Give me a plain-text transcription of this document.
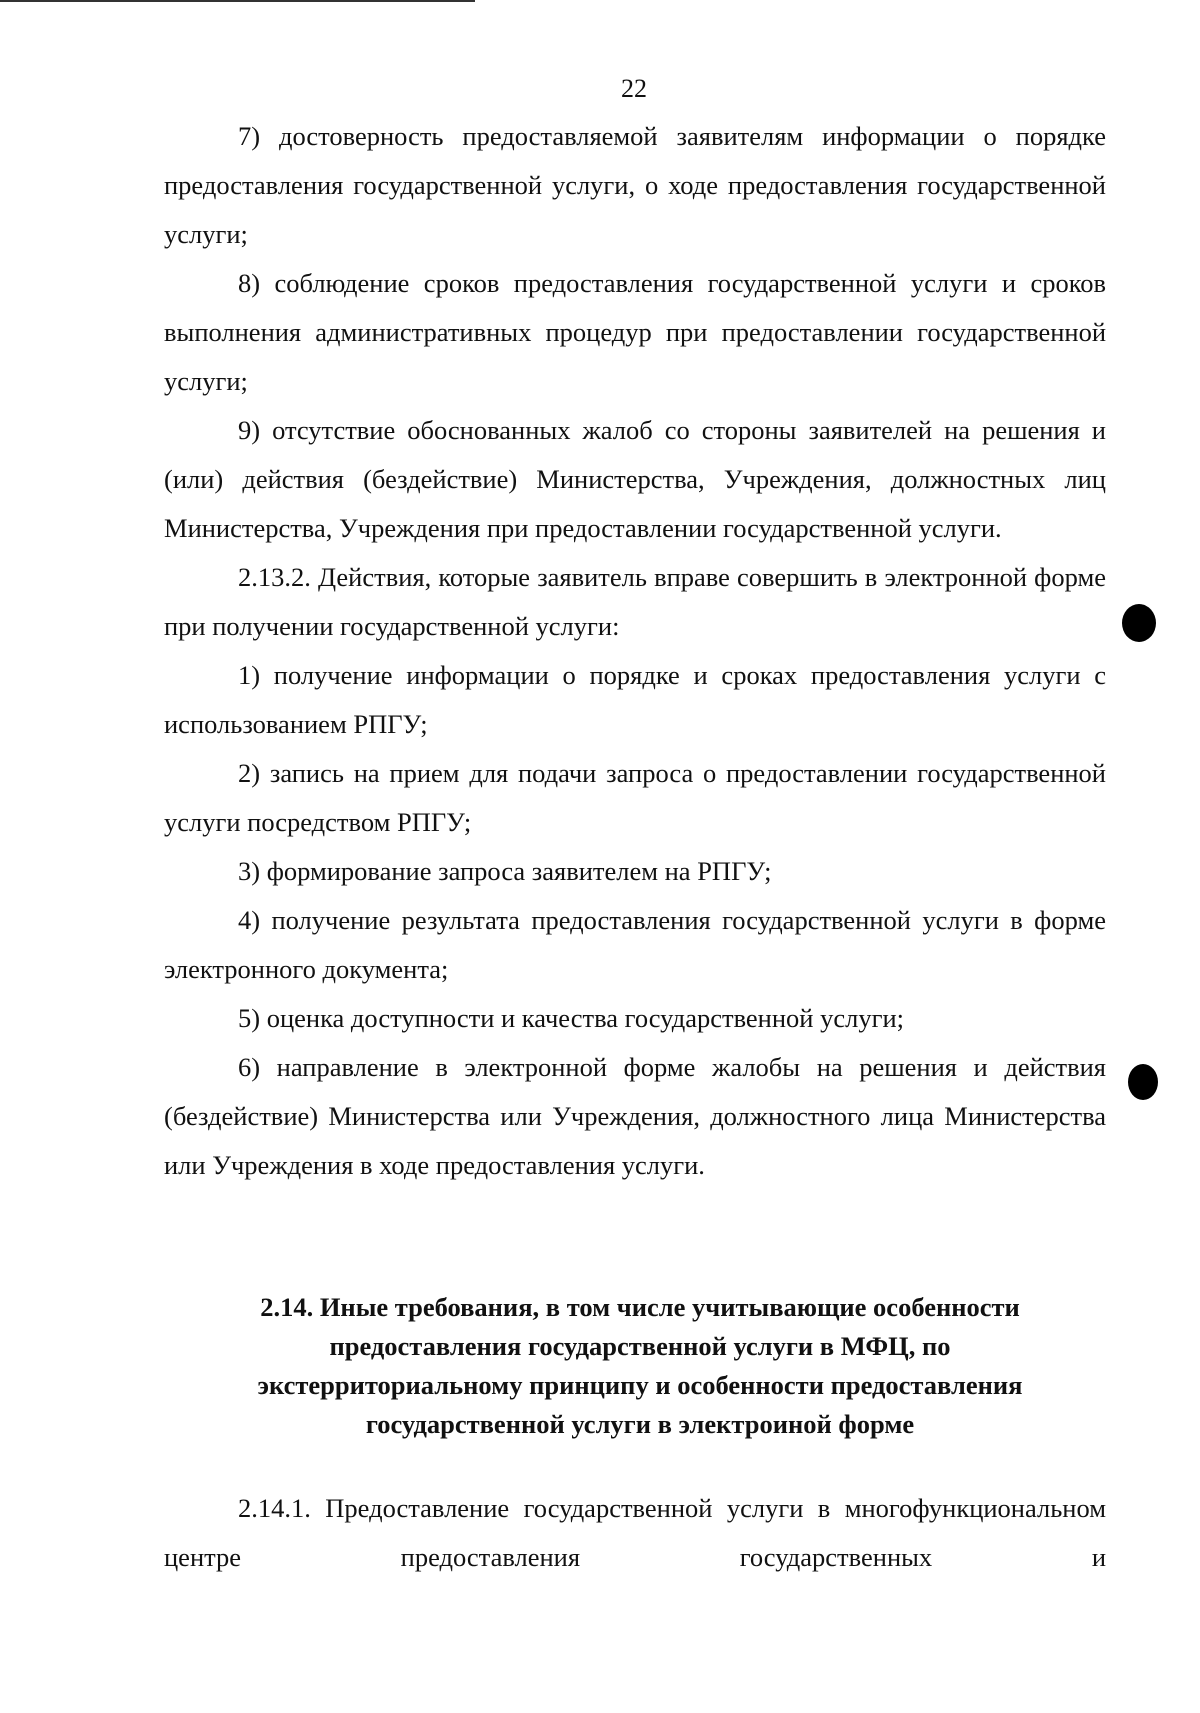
22

7) достоверность предоставляемой заявителям информации о порядке предоставления государственной услуги, о ходе предоставления государственной услуги;

8) соблюдение сроков предоставления государственной услуги и сроков выполнения административных процедур при предоставлении государственной услуги;

9) отсутствие обоснованных жалоб со стороны заявителей на решения и (или) действия (бездействие) Министерства, Учреждения, должностных лиц Министерства, Учреждения при предоставлении государственной услуги.

2.13.2. Действия, которые заявитель вправе совершить в электронной форме при получении государственной услуги:

1) получение информации о порядке и сроках предоставления услуги с использованием РПГУ;

2) запись на прием для подачи запроса о предоставлении государственной услуги посредством РПГУ;

3) формирование запроса заявителем на РПГУ;

4) получение результата предоставления государственной услуги в форме электронного документа;

5) оценка доступности и качества государственной услуги;

6) направление в электронной форме жалобы на решения и действия (бездействие) Министерства или Учреждения, должностного лица Министерства или Учреждения в ходе предоставления услуги.

2.14. Иные требования, в том числе учитывающие особенности
предоставления государственной услуги в МФЦ, по
экстерриториальному принципу и особенности предоставления
государственной услуги в электроиной форме

2.14.1. Предоставление государственной услуги в многофункциональном центре предоставления государственных и
